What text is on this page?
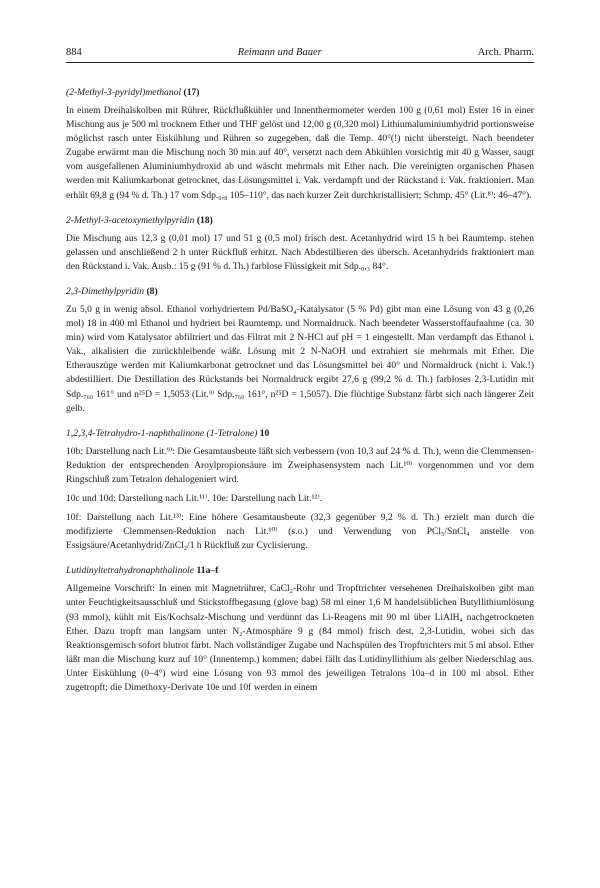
884	Reimann und Bauer	Arch. Pharm.
(2-Methyl-3-pyridyl)methanol (17)

In einem Dreihalskolben mit Rührer, Rückflußkühler und Innenthermometer werden 100 g (0,61 mol) Ester 16 in einer Mischung aus je 500 ml trocknem Ether und THF gelöst und 12,00 g (0,320 mol) Lithiumaluminiumhydrid portionsweise möglichst rasch unter Eiskühlung und Rühren so zugegeben, daß die Temp. 40°(!) nicht übersteigt. Nach beendeter Zugabe erwärmt man die Mischung noch 30 min auf 40°, versetzt nach dem Abkühlen vorsichtig mit 40 g Wasser, saugt vom ausgefallenen Aluminiumhydroxid ab und wäscht mehrmals mit Ether nach. Die vereinigten organischen Phasen werden mit Kaliumkarbonat getrocknet, das Lösungsmittel i. Vak. verdampft und der Rückstand i. Vak. fraktioniert. Man erhält 69,8 g (94 % d. Th.) 17 vom Sdp.₀,₈ 105–110°, das nach kurzer Zeit durchkristallisiert; Schmp. 45° (Lit.⁸⁾: 46–47°).

2-Methyl-3-acetoxymethylpyridin (18)

Die Mischung aus 12,3 g (0,01 mol) 17 und 51 g (0,5 mol) frisch dest. Acetanhydrid wird 15 h bei Raumtemp. stehen gelassen und anschließend 2 h unter Rückfluß erhitzt. Nach Abdestillieren des übersch. Acetanhydrids fraktioniert man den Rückstand i. Vak. Ausb.: 15 g (91 % d. Th.) farblose Flüssigkeit mit Sdp.₀,₃ 84°.

2,3-Dimethylpyridin (8)

Zu 5,0 g in wenig absol. Ethanol vorhydriertem Pd/BaSO₄-Katalysator (5 % Pd) gibt man eine Lösung von 43 g (0,26 mol) 18 in 400 ml Ethanol und hydriert bei Raumtemp. und Normaldruck. Nach beendeter Wasserstoffaufnahme (ca. 30 min) wird vom Katalysator abfiltriert und das Filtrat mit 2 N-HCl auf pH = 1 eingestellt. Man verdampft das Ethanol i. Vak., alkalisiert die zurückbleibende wäßr. Lösung mit 2 N-NaOH und extrahiert sie mehrmals mit Ether. Die Etherauszüge werden mit Kaliumkarbonat getrocknet und das Lösungsmittel bei 40° und Normaldruck (nicht i. Vak.!) abdestilliert. Die Destillation des Rückstands bei Normaldruck ergibt 27,6 g (99,2 % d. Th.) farbloses 2,3-Lutidin mit Sdp.₇₆₀ 161° und n²⁵D = 1,5053 (Lit.⁹⁾ Sdp.₇₆₀ 161°, n²⁵D = 1,5057). Die flüchtige Substanz färbt sich nach längerer Zeit gelb.

1,2,3,4-Tetrahydro-1-naphthalinone (1-Tetralone) 10

10b: Darstellung nach Lit.⁹⁾: Die Gesamtausbeute läßt sich verbessern (von 10,3 auf 24 % d. Th.), wenn die Clemmensen-Reduktion der entsprechenden Aroylpropionsäure im Zweiphasensystem nach Lit.¹⁰⁾ vorgenommen und vor dem Ringschluß zum Tetralon dehalogeniert wird.

10c und 10d: Darstellung nach Lit.¹¹⁾. 10e: Darstellung nach Lit.¹²⁾.

10f: Darstellung nach Lit.¹³⁾: Eine höhere Gesamtausbeute (32,3 gegenüber 9,2 % d. Th.) erzielt man durch die modifizierte Clemmensen-Reduktion nach Lit.¹⁰⁾ (s.o.) und Verwendung von PCl₅/SnCl₄ anstelle von Essigsäure/Acetanhydrid/ZnCl₂/1 h Rückfluß zur Cyclisierung.

Lutidinyltetrahydronaphthalinole 11a–f

Allgemeine Vorschrift: In einen mit Magnetrührer, CaCl₂-Rohr und Tropftrichter versehenen Dreihalskolben gibt man unter Feuchtigkeitsausschluß und Stickstoffbegasung (glove bag) 58 ml einer 1,6 M handelsüblichen Butyllithiumlösung (93 mmol), kühlt mit Eis/Kochsalz-Mischung und verdünnt das Li-Reagens mit 90 ml über LiAlH₄ nachgetrockneten Ether. Dazu tropft man langsam unter N₂-Atmosphäre 9 g (84 mmol) frisch dest. 2,3-Lutidin, wobei sich das Reaktionsgemisch sofort blutrot färbt. Nach vollständiger Zugabe und Nachspülen des Tropftrichters mit 5 ml absol. Ether läßt man die Mischung kurz auf 10° (Innentemp.) kommen; dabei fällt das Lutidinyllithium als gelber Niederschlag aus. Unter Eiskühlung (0–4°) wird eine Lösung von 93 mmol des jeweiligen Tetralons 10a–d in 100 ml absol. Ether zugetropft; die Dimethoxy-Derivate 10e und 10f werden in einem
